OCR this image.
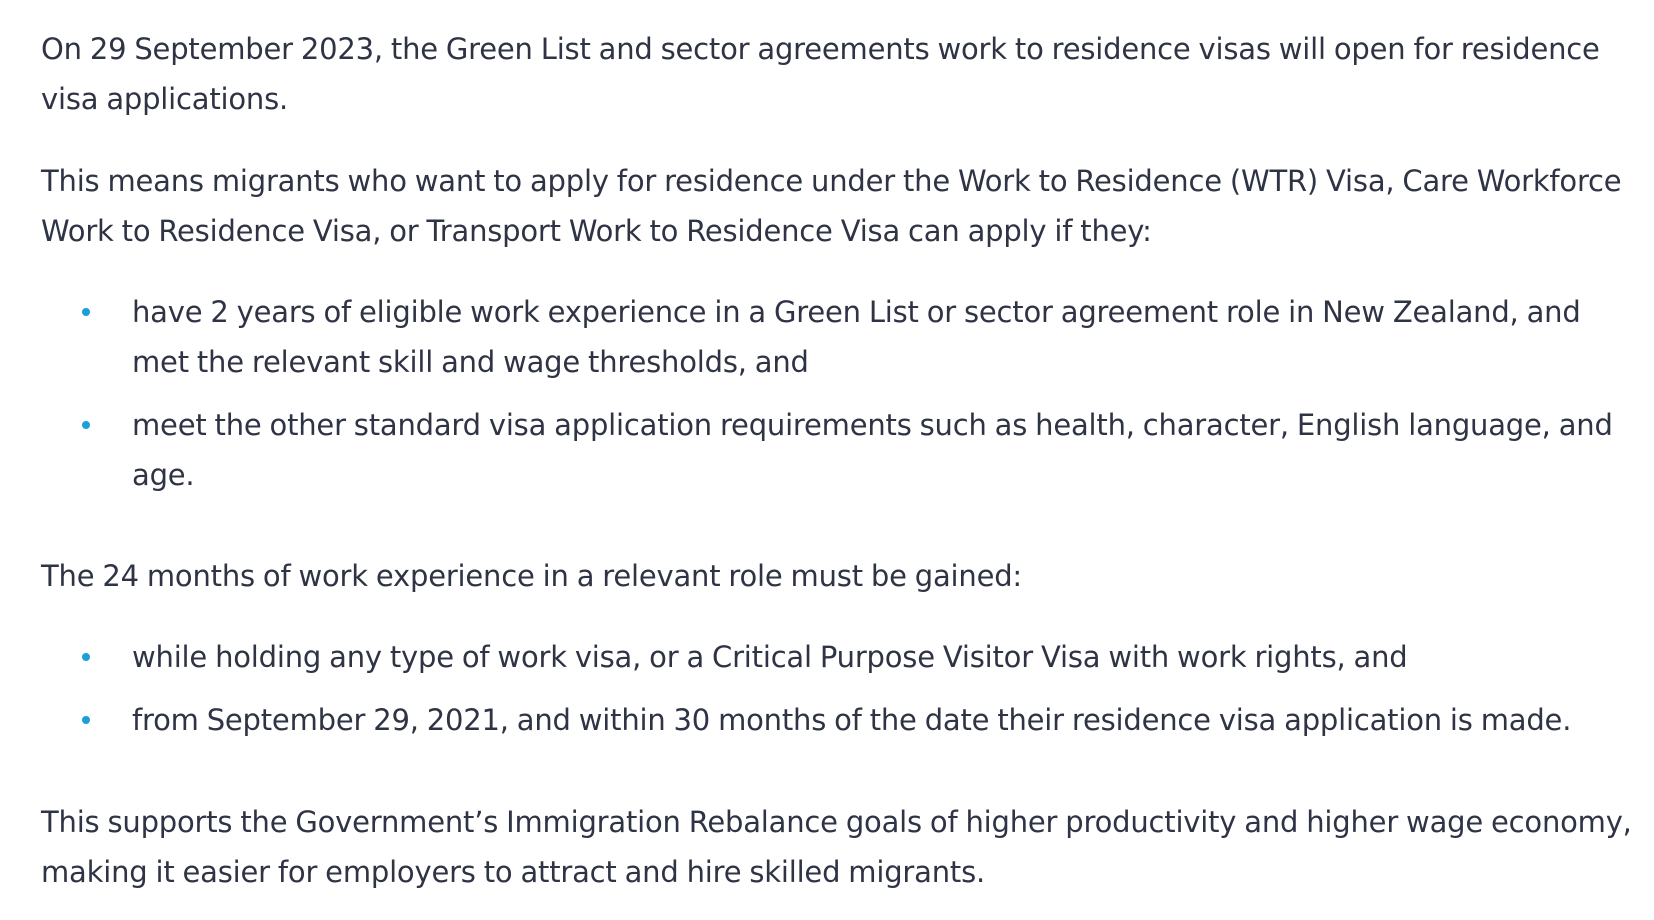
On 29 September 2023, the Green List and sector agreements work to residence visas will open for residence visa applications.

This means migrants who want to apply for residence under the Work to Residence (WTR) Visa, Care Workforce Work to Residence Visa, or Transport Work to Residence Visa can apply if they:

have 2 years of eligible work experience in a Green List or sector agreement role in New Zealand, and met the relevant skill and wage thresholds, and
meet the other standard visa application requirements such as health, character, English language, and age.

The 24 months of work experience in a relevant role must be gained:

while holding any type of work visa, or a Critical Purpose Visitor Visa with work rights, and
from September 29, 2021, and within 30 months of the date their residence visa application is made.

This supports the Government’s Immigration Rebalance goals of higher productivity and higher wage economy, making it easier for employers to attract and hire skilled migrants.
